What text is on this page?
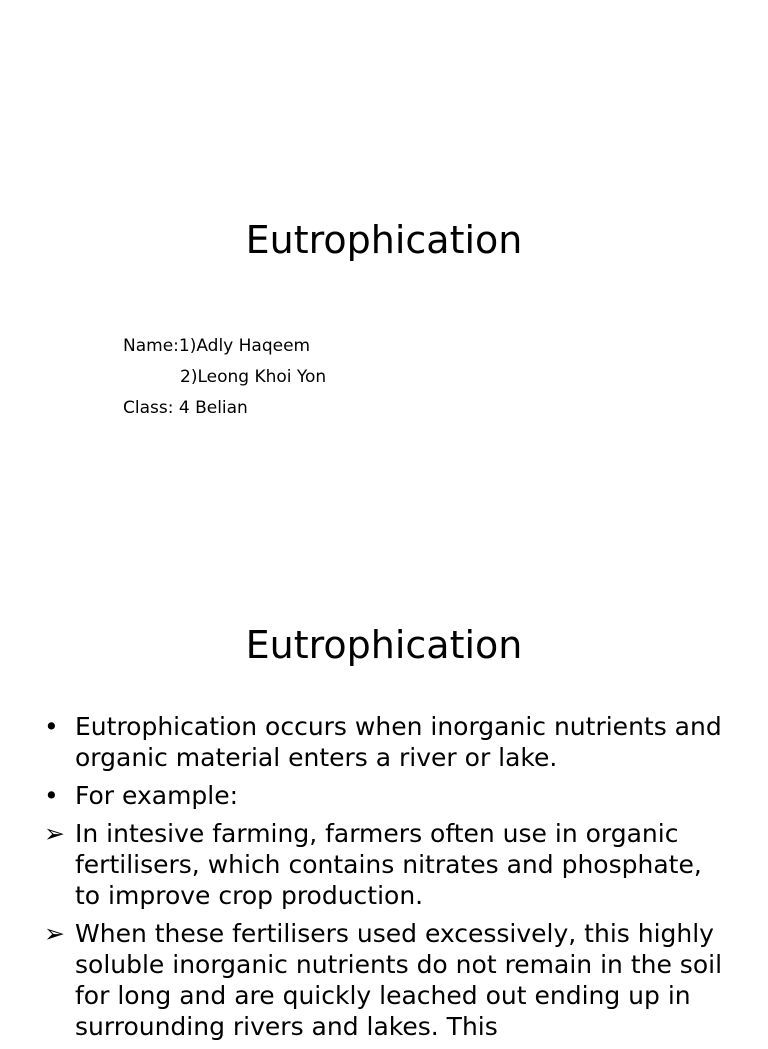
Eutrophication
Name:1)Adly Haqeem
2)Leong Khoi Yon
Class: 4 Belian
Eutrophication
• Eutrophication occurs when inorganic nutrients and organic material enters a river or lake.
• For example:
➢ In intesive farming, farmers often use in organic fertilisers, which contains nitrates and phosphate, to improve crop production.
➢ When these fertilisers used excessively, this highly soluble inorganic nutrients do not remain in the soil for long and are quickly leached out ending up in surrounding rivers and lakes. This
